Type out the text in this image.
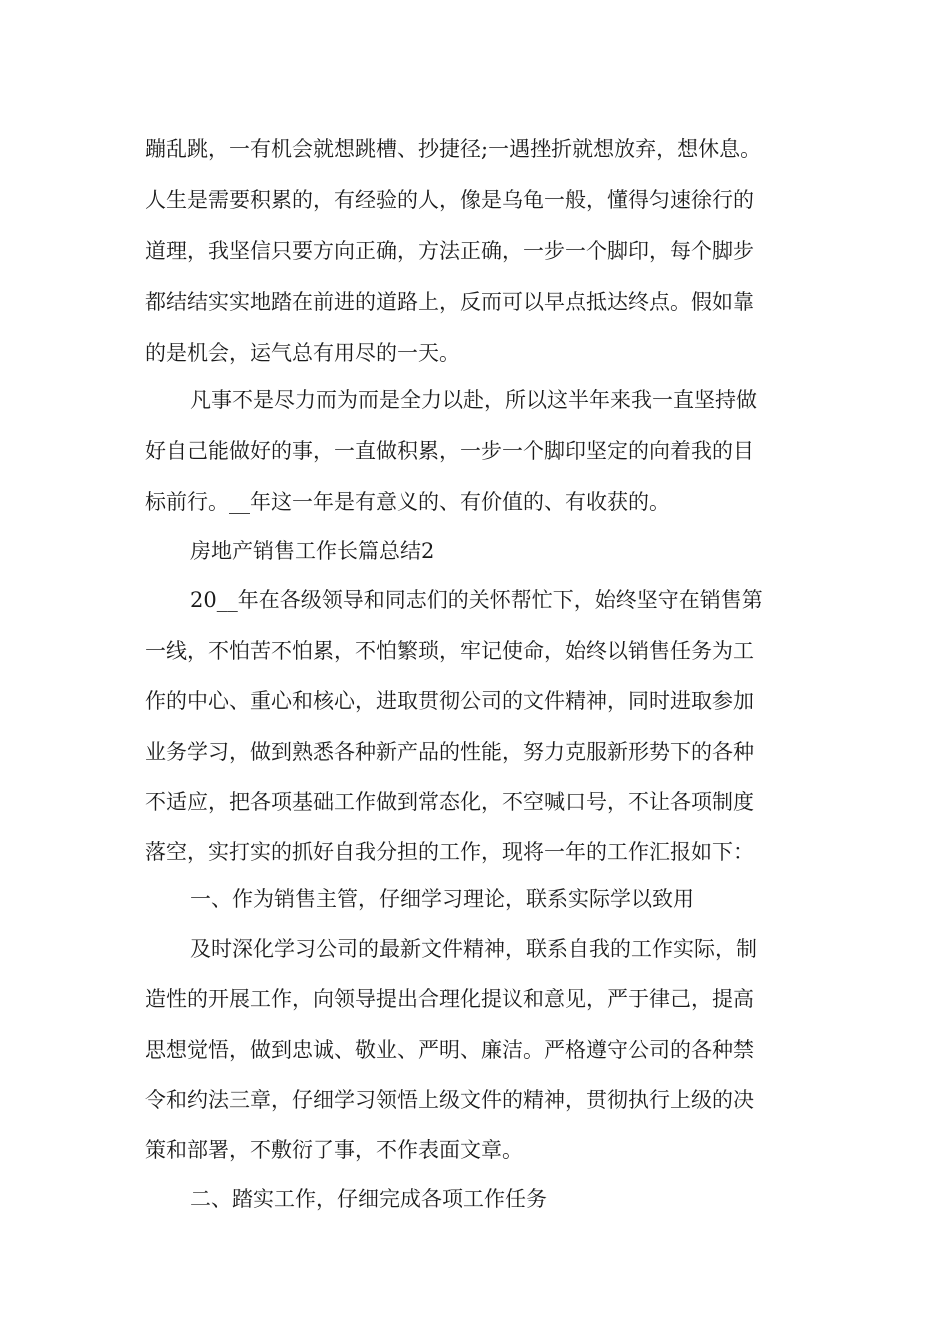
蹦乱跳，一有机会就想跳槽、抄捷径;一遇挫折就想放弃，想休息。
人生是需要积累的，有经验的人，像是乌龟一般，懂得匀速徐行的
道理，我坚信只要方向正确，方法正确，一步一个脚印，每个脚步
都结结实实地踏在前进的道路上，反而可以早点抵达终点。假如靠
的是机会，运气总有用尽的一天。
凡事不是尽力而为而是全力以赴，所以这半年来我一直坚持做
好自己能做好的事，一直做积累，一步一个脚印坚定的向着我的目
标前行。__年这一年是有意义的、有价值的、有收获的。
房地产销售工作长篇总结2
20__年在各级领导和同志们的关怀帮忙下，始终坚守在销售第
一线，不怕苦不怕累，不怕繁琐，牢记使命，始终以销售任务为工
作的中心、重心和核心，进取贯彻公司的文件精神，同时进取参加
业务学习，做到熟悉各种新产品的性能，努力克服新形势下的各种
不适应，把各项基础工作做到常态化，不空喊口号，不让各项制度
落空，实打实的抓好自我分担的工作，现将一年的工作汇报如下：
一、作为销售主管，仔细学习理论，联系实际学以致用
及时深化学习公司的最新文件精神，联系自我的工作实际，制
造性的开展工作，向领导提出合理化提议和意见，严于律己，提高
思想觉悟，做到忠诚、敬业、严明、廉洁。严格遵守公司的各种禁
令和约法三章，仔细学习领悟上级文件的精神，贯彻执行上级的决
策和部署，不敷衍了事，不作表面文章。
二、踏实工作，仔细完成各项工作任务
